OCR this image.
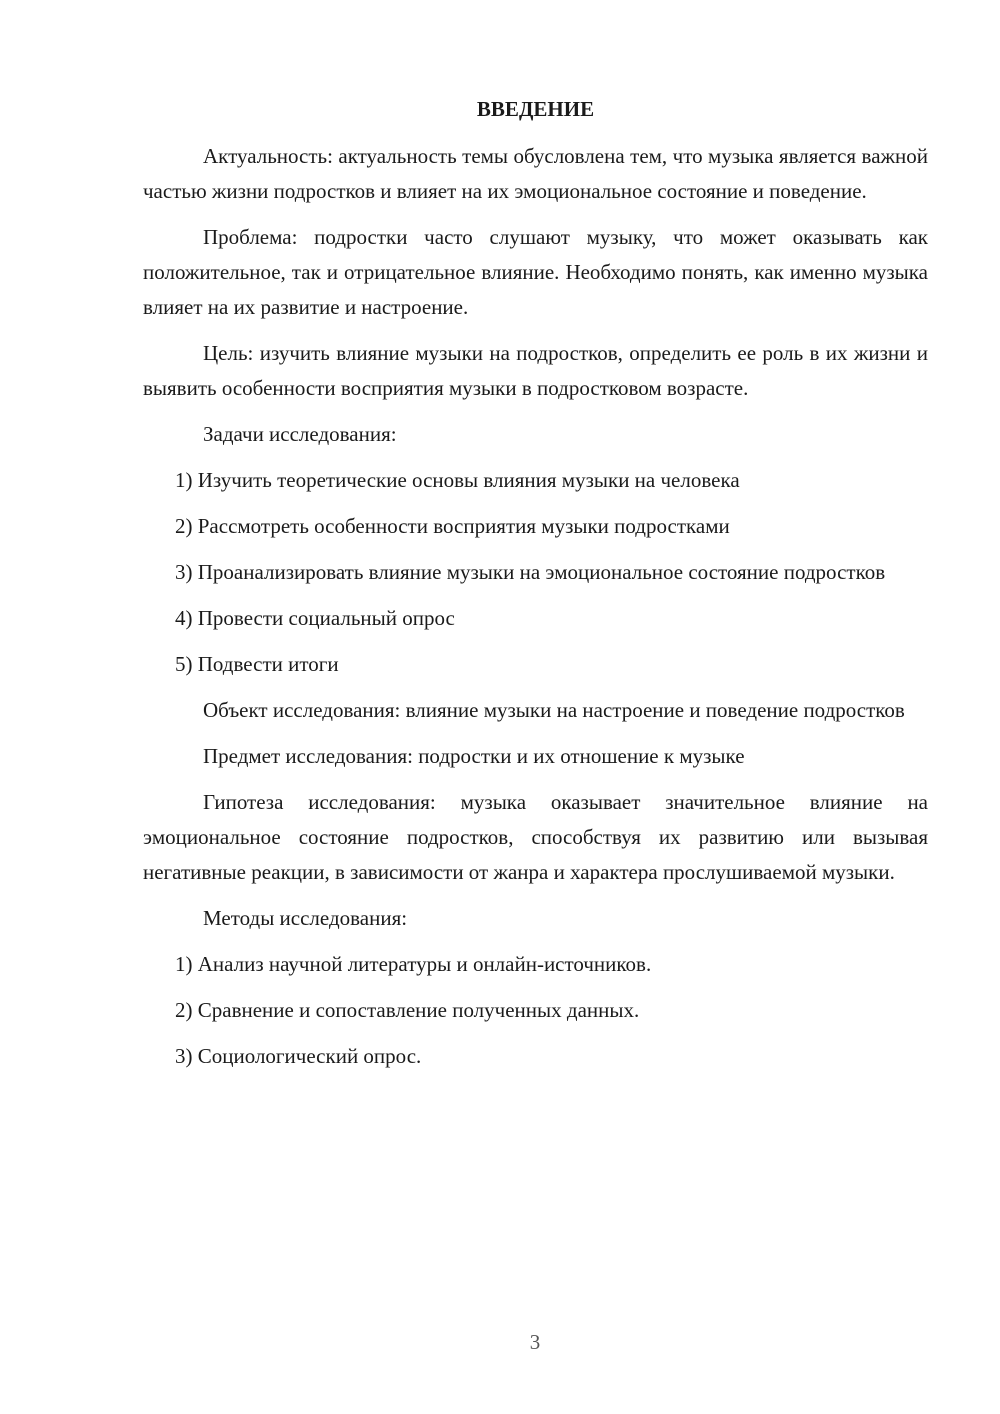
ВВЕДЕНИЕ

Актуальность: актуальность темы обусловлена тем, что музыка является важной частью жизни подростков и влияет на их эмоциональное состояние и поведение.

Проблема: подростки часто слушают музыку, что может оказывать как положительное, так и отрицательное влияние. Необходимо понять, как именно музыка влияет на их развитие и настроение.

Цель: изучить влияние музыки на подростков, определить ее роль в их жизни и выявить особенности восприятия музыки в подростковом возрасте.

Задачи исследования:

1) Изучить теоретические основы влияния музыки на человека

2) Рассмотреть особенности восприятия музыки подростками

3) Проанализировать влияние музыки на эмоциональное состояние подростков

4) Провести социальный опрос

5) Подвести итоги

Объект исследования: влияние музыки на настроение и поведение подростков

Предмет исследования: подростки и их отношение к музыке

Гипотеза исследования: музыка оказывает значительное влияние на эмоциональное состояние подростков, способствуя их развитию или вызывая негативные реакции, в зависимости от жанра и характера прослушиваемой музыки.

Методы исследования:

1) Анализ научной литературы и онлайн-источников.

2) Сравнение и сопоставление полученных данных.

3) Социологический опрос.

3
